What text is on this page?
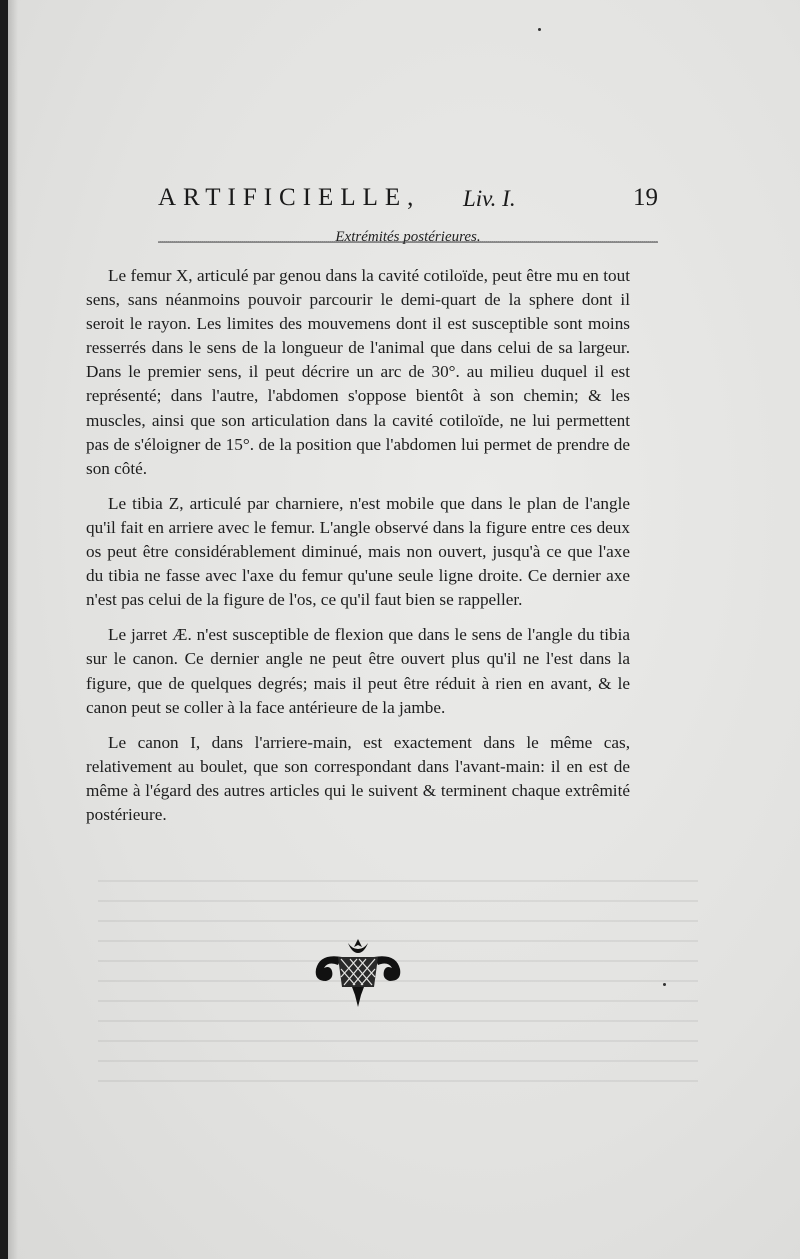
ARTIFICIELLE, Liv. I.	19
Extrémités postérieures.

Le femur X, articulé par genou dans la cavité cotiloïde, peut être mu en tout sens, sans néanmoins pouvoir parcourir le demi-quart de la sphere dont il seroit le rayon. Les limites des mouvemens dont il est susceptible sont moins resserrés dans le sens de la longueur de l'animal que dans celui de sa largeur. Dans le premier sens, il peut décrire un arc de 30°. au milieu duquel il est représenté; dans l'autre, l'abdomen s'oppose bientôt à son chemin; & les muscles, ainsi que son articulation dans la cavité cotiloïde, ne lui permettent pas de s'éloigner de 15°. de la position que l'abdomen lui permet de prendre de son côté.

Le tibia Z, articulé par charniere, n'est mobile que dans le plan de l'angle qu'il fait en arriere avec le femur. L'angle observé dans la figure entre ces deux os peut être considérablement diminué, mais non ouvert, jusqu'à ce que l'axe du tibia ne fasse avec l'axe du femur qu'une seule ligne droite. Ce dernier axe n'est pas celui de la figure de l'os, ce qu'il faut bien se rappeller.

Le jarret Æ. n'est susceptible de flexion que dans le sens de l'angle du tibia sur le canon. Ce dernier angle ne peut être ouvert plus qu'il ne l'est dans la figure, que de quelques degrés; mais il peut être réduit à rien en avant, & le canon peut se coller à la face antérieure de la jambe.

Le canon I, dans l'arriere-main, est exactement dans le même cas, relativement au boulet, que son correspondant dans l'avant-main: il en est de même à l'égard des autres articles qui le suivent & terminent chaque extrêmité postérieure.
